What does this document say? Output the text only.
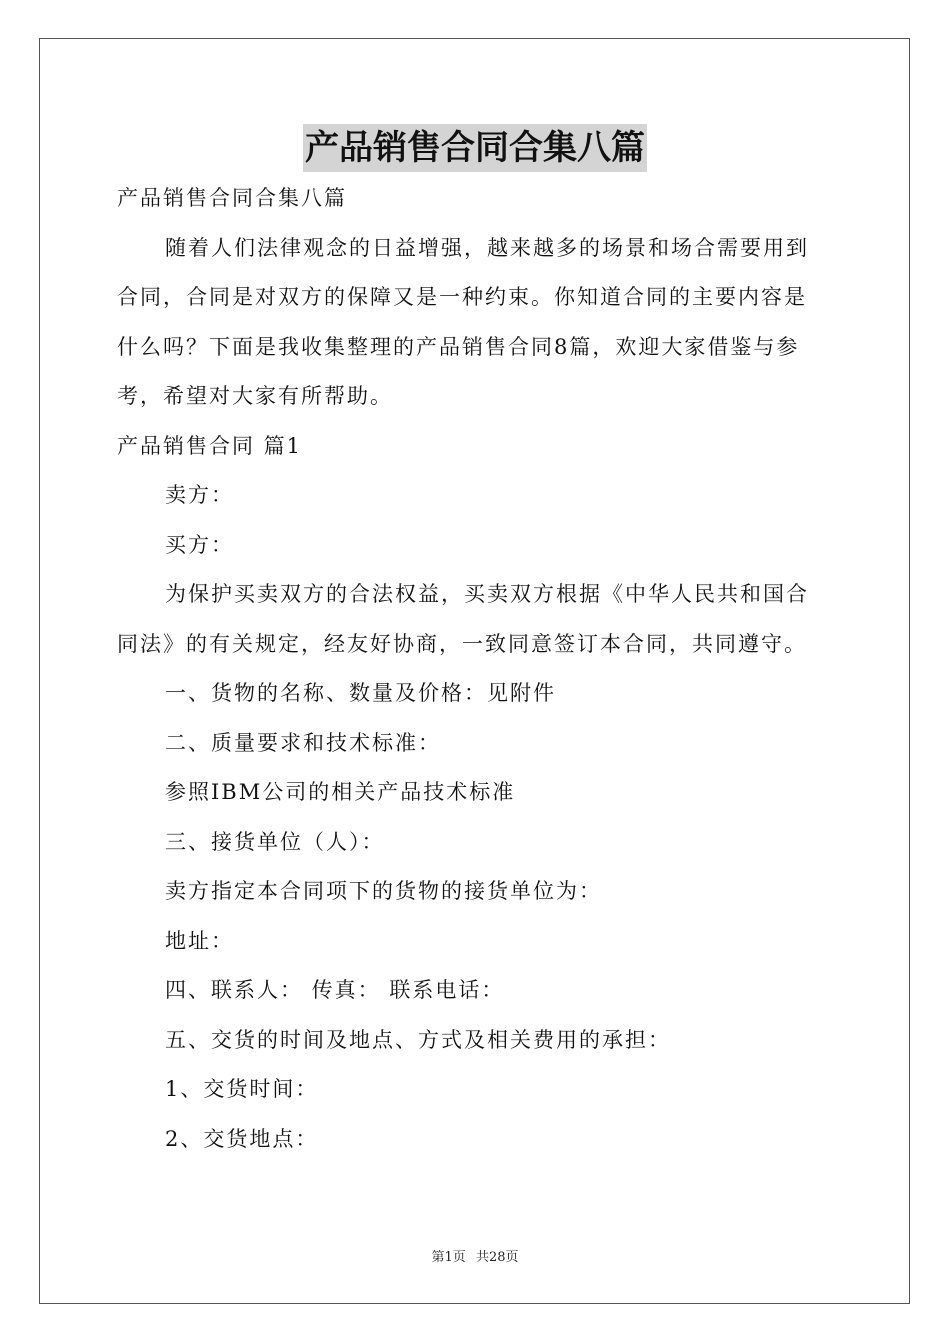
产品销售合同合集八篇

产品销售合同合集八篇

随着人们法律观念的日益增强，越来越多的场景和场合需要用到

合同，合同是对双方的保障又是一种约束。你知道合同的主要内容是

什么吗？下面是我收集整理的产品销售合同8篇，欢迎大家借鉴与参

考，希望对大家有所帮助。

产品销售合同 篇1

卖方：

买方：

为保护买卖双方的合法权益，买卖双方根据《中华人民共和国合

同法》的有关规定，经友好协商，一致同意签订本合同，共同遵守。

一、货物的名称、数量及价格：见附件

二、质量要求和技术标准：

参照IBM公司的相关产品技术标准

三、接货单位（人）：

卖方指定本合同项下的货物的接货单位为：

地址：

四、联系人： 传真： 联系电话：

五、交货的时间及地点、方式及相关费用的承担：

1、交货时间：

2、交货地点：

第1页 共28页
